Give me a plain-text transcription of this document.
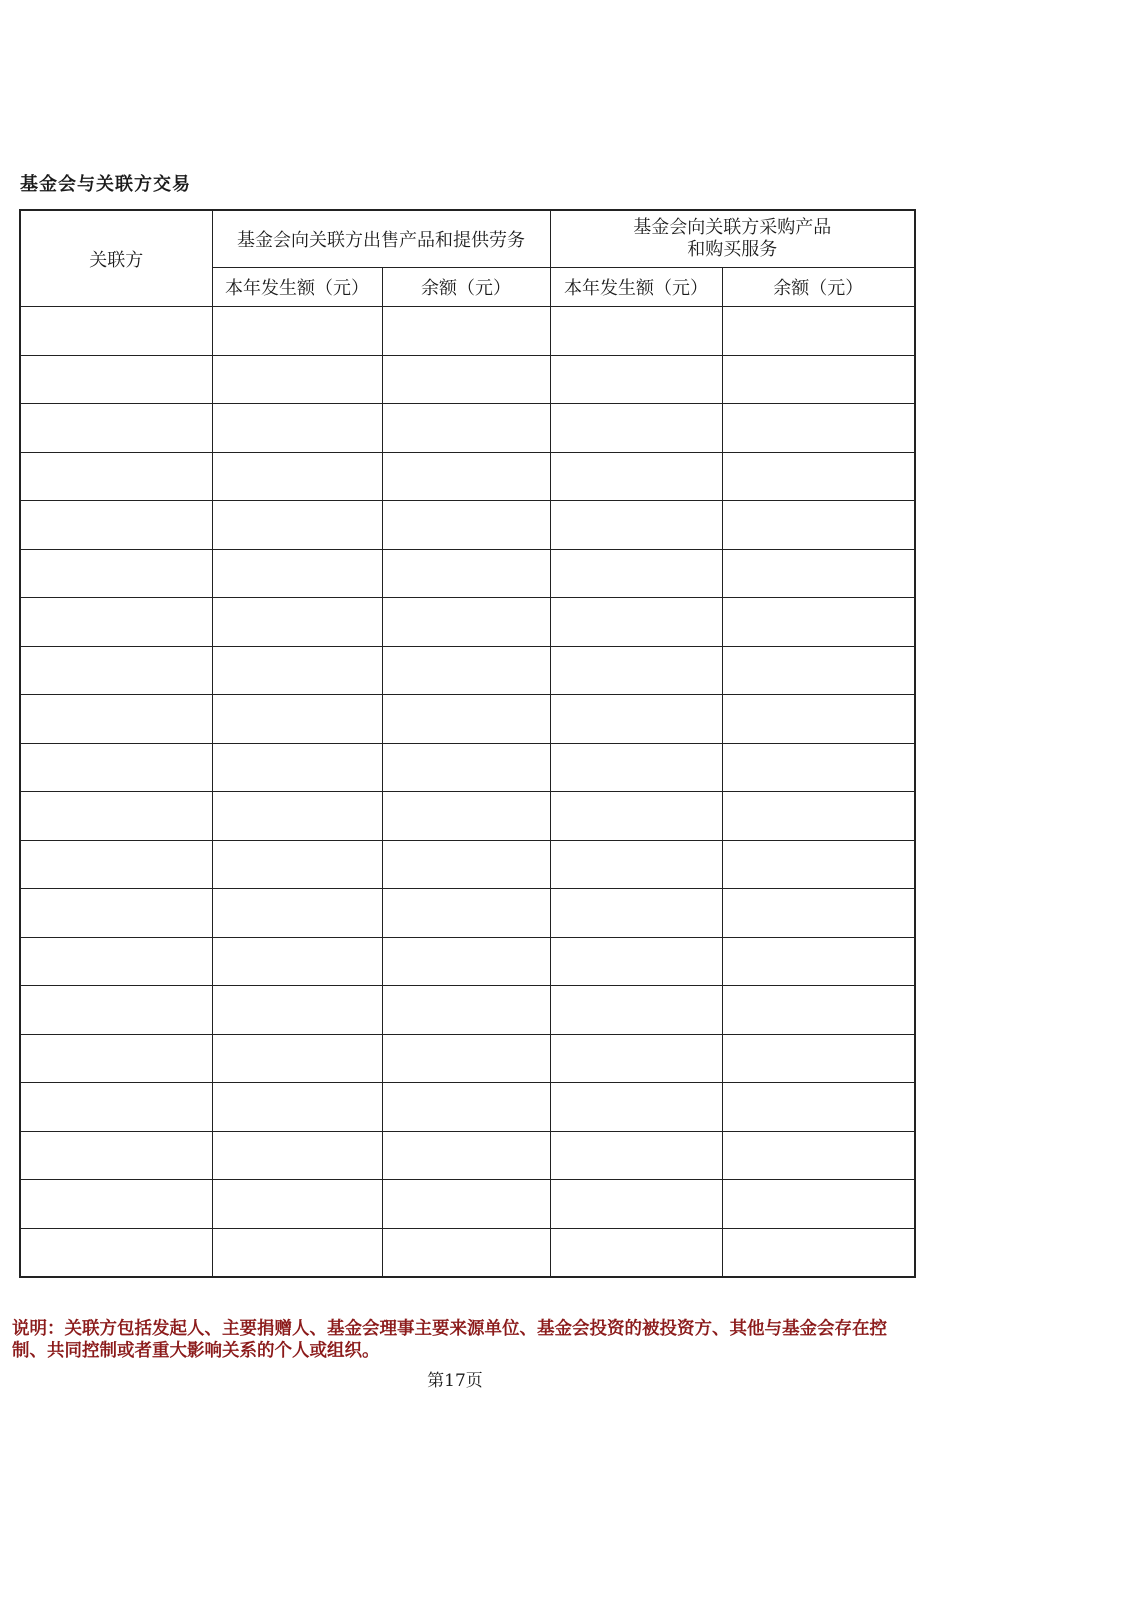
基金会与关联方交易
关联方	基金会向关联方出售产品和提供劳务		基金会向关联方采购产品
和购买服务	

	本年发生额（元）	余额（元）	本年发生额（元）	余额（元）

说明：关联方包括发起人、主要捐赠人、基金会理事主要来源单位、基金会投资的被投资方、其他与基金会存在控制、共同控制或者重大影响关系的个人或组织。
第17页
